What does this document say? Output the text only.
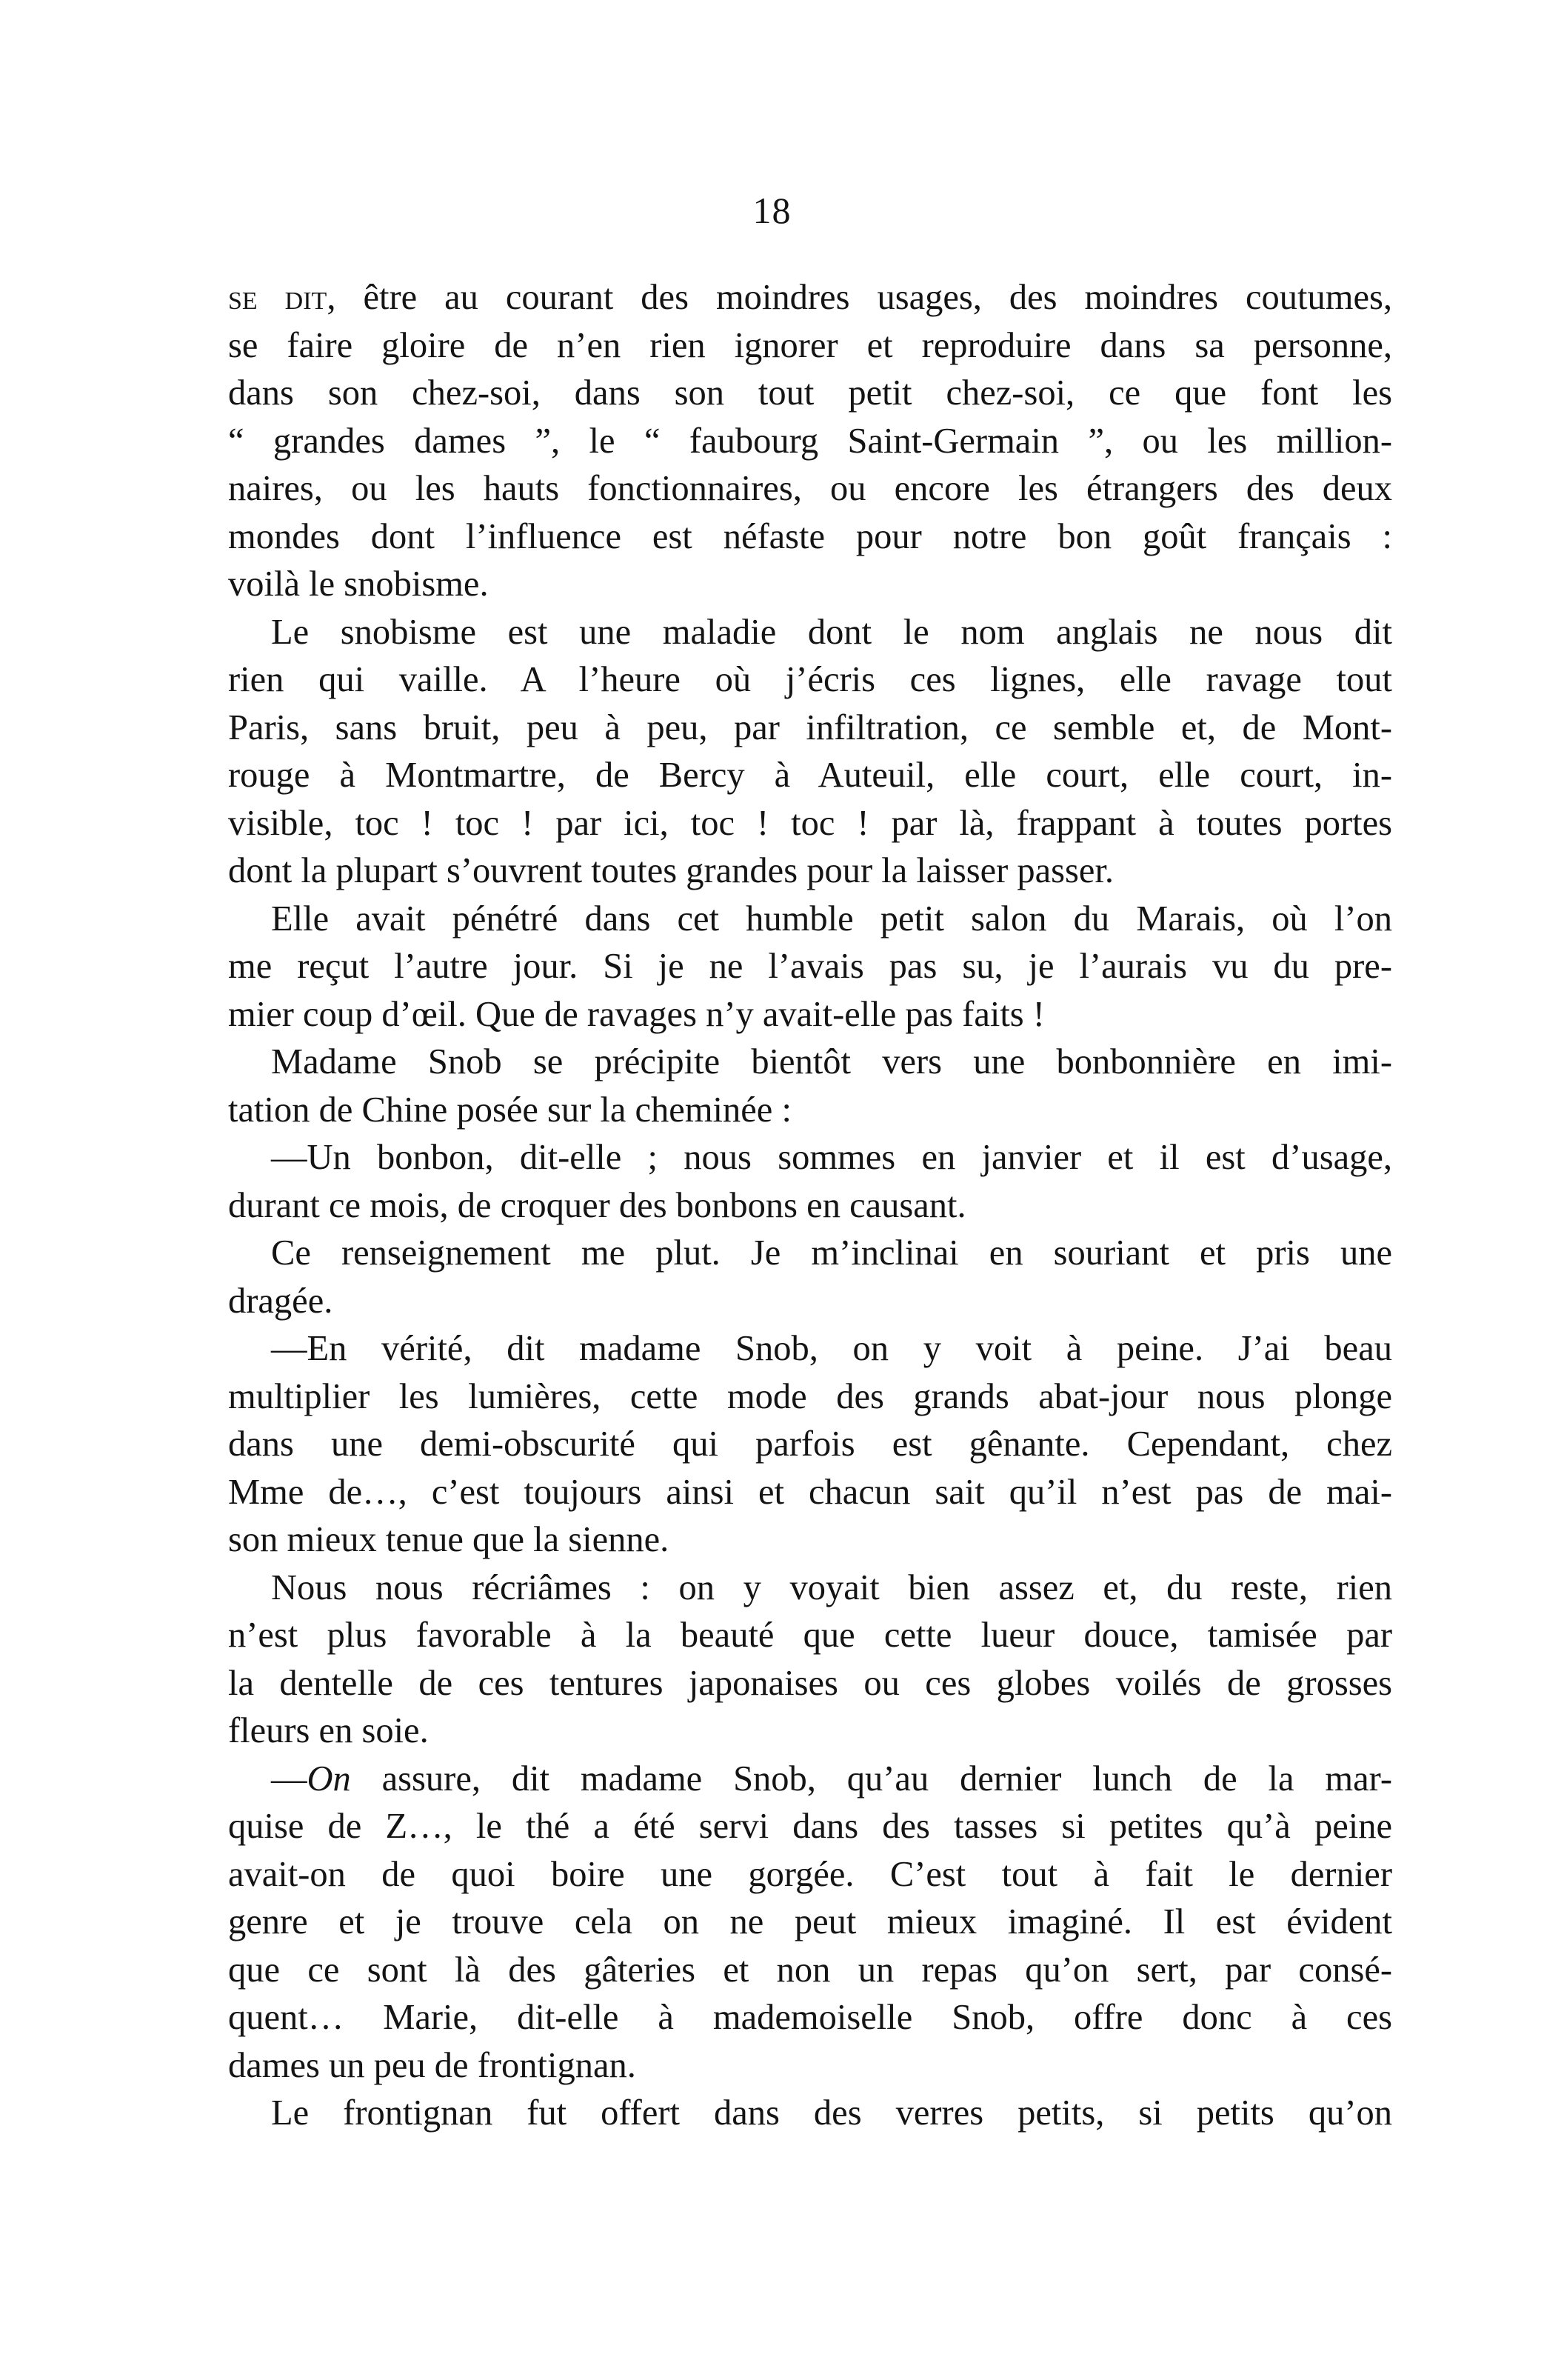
18
se dit, être au courant des moindres usages, des moindres coutumes,
se faire gloire de n’en rien ignorer et reproduire dans sa personne,
dans son chez-soi, dans son tout petit chez-soi, ce que font les
“ grandes dames ”, le “ faubourg Saint-Germain ”, ou les million-
naires, ou les hauts fonctionnaires, ou encore les étrangers des deux
mondes dont l’influence est néfaste pour notre bon goût français :
voilà le snobisme.
Le snobisme est une maladie dont le nom anglais ne nous dit
rien qui vaille. A l’heure où j’écris ces lignes, elle ravage tout
Paris, sans bruit, peu à peu, par infiltration, ce semble et, de Mont-
rouge à Montmartre, de Bercy à Auteuil, elle court, elle court, in-
visible, toc ! toc ! par ici, toc ! toc ! par là, frappant à toutes portes
dont la plupart s’ouvrent toutes grandes pour la laisser passer.
Elle avait pénétré dans cet humble petit salon du Marais, où l’on
me reçut l’autre jour. Si je ne l’avais pas su, je l’aurais vu du pre-
mier coup d’œil. Que de ravages n’y avait-elle pas faits !
Madame Snob se précipite bientôt vers une bonbonnière en imi-
tation de Chine posée sur la cheminée :
—Un bonbon, dit-elle ; nous sommes en janvier et il est d’usage,
durant ce mois, de croquer des bonbons en causant.
Ce renseignement me plut. Je m’inclinai en souriant et pris une
dragée.
—En vérité, dit madame Snob, on y voit à peine. J’ai beau
multiplier les lumières, cette mode des grands abat-jour nous plonge
dans une demi-obscurité qui parfois est gênante. Cependant, chez
Mme de…, c’est toujours ainsi et chacun sait qu’il n’est pas de mai-
son mieux tenue que la sienne.
Nous nous récriâmes : on y voyait bien assez et, du reste, rien
n’est plus favorable à la beauté que cette lueur douce, tamisée par
la dentelle de ces tentures japonaises ou ces globes voilés de grosses
fleurs en soie.
—On assure, dit madame Snob, qu’au dernier lunch de la mar-
quise de Z…, le thé a été servi dans des tasses si petites qu’à peine
avait-on de quoi boire une gorgée. C’est tout à fait le dernier
genre et je trouve cela on ne peut mieux imaginé. Il est évident
que ce sont là des gâteries et non un repas qu’on sert, par consé-
quent… Marie, dit-elle à mademoiselle Snob, offre donc à ces
dames un peu de frontignan.
Le frontignan fut offert dans des verres petits, si petits qu’on
